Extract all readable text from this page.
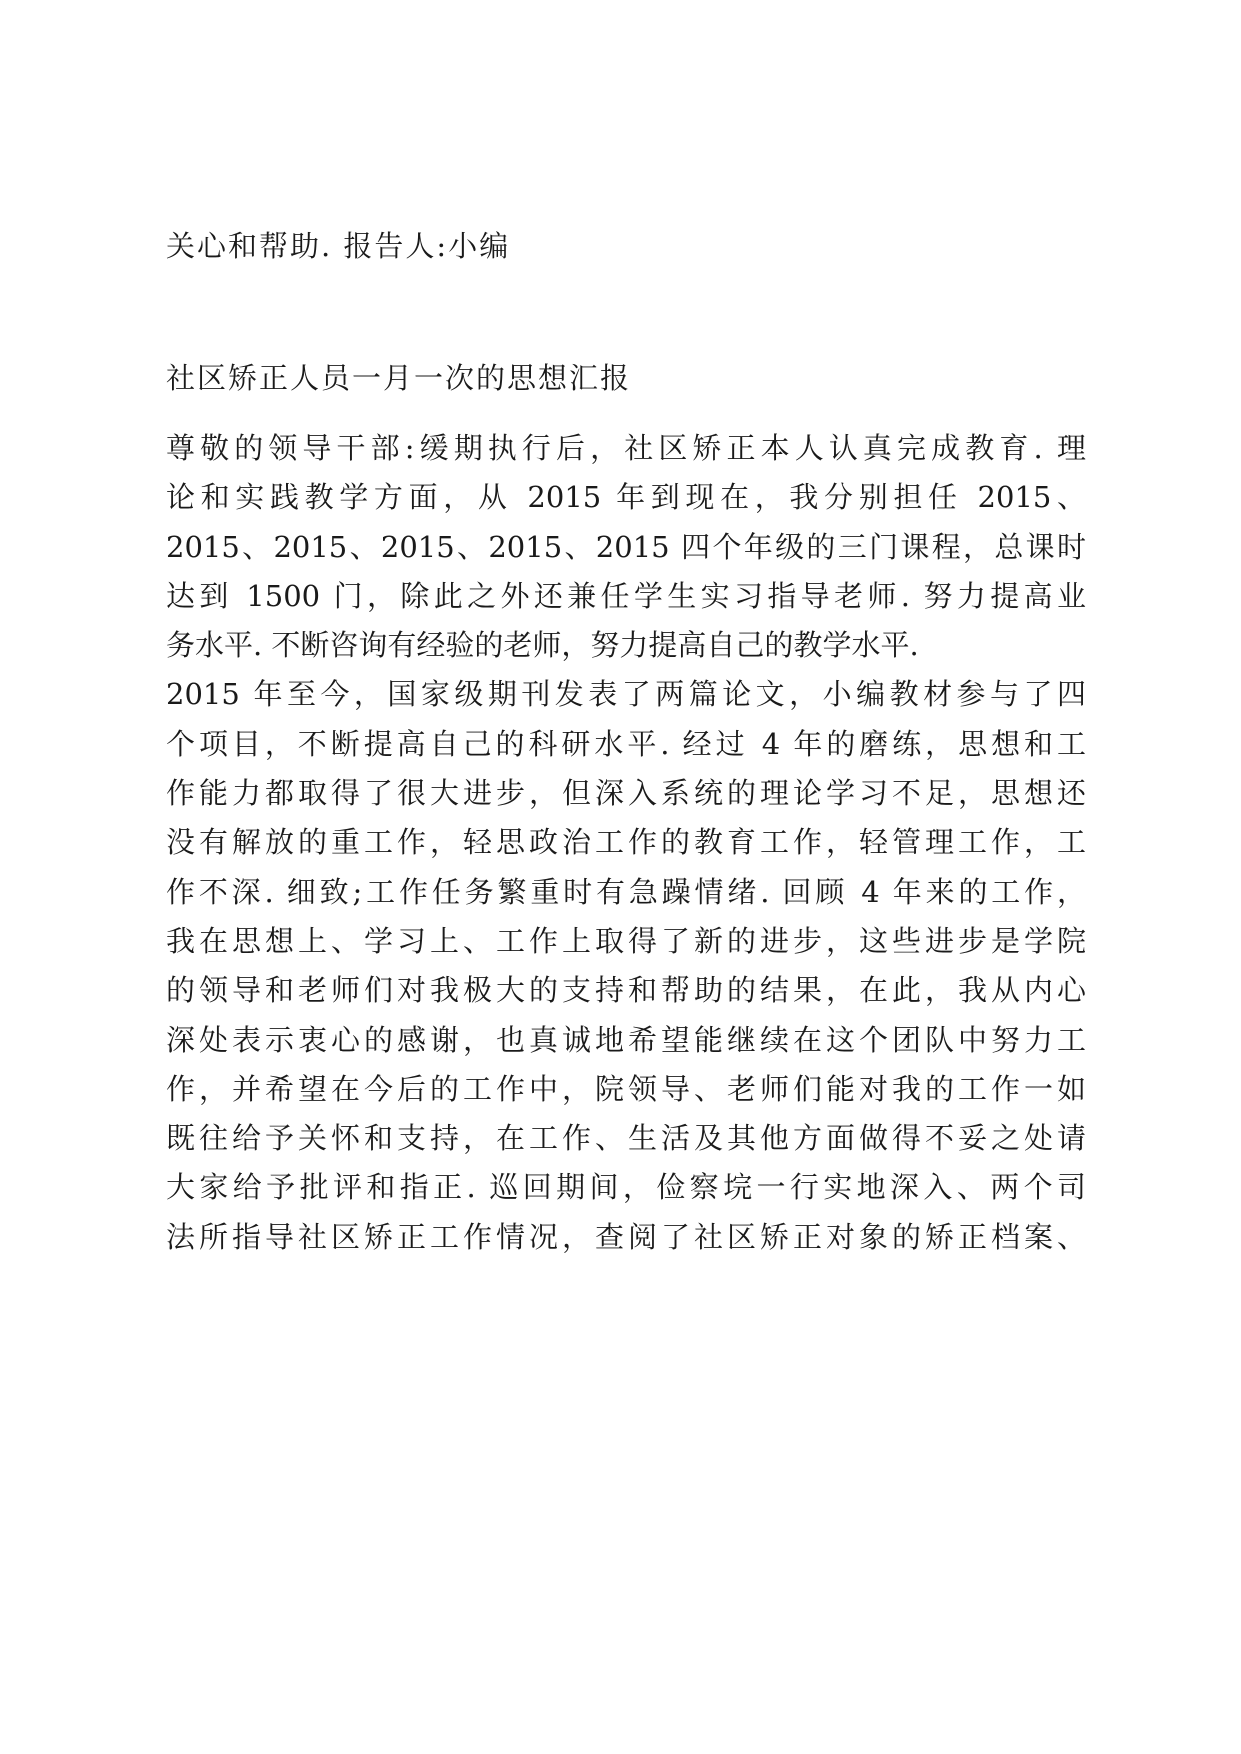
关心和帮助. 报告人:小编
社区矫正人员一月一次的思想汇报
尊敬的领导干部:缓期执行后，社区矫正本人认真完成教育. 理
论和实践教学方面，从 2015 年到现在，我分别担任 2015、
2015、2015、2015、2015、2015 四个年级的三门课程，总课时
达到 1500 门，除此之外还兼任学生实习指导老师. 努力提高业
务水平. 不断咨询有经验的老师，努力提高自己的教学水平.
2015 年至今，国家级期刊发表了两篇论文，小编教材参与了四
个项目，不断提高自己的科研水平. 经过 4 年的磨练，思想和工
作能力都取得了很大进步，但深入系统的理论学习不足，思想还
没有解放的重工作，轻思政治工作的教育工作，轻管理工作，工
作不深. 细致;工作任务繁重时有急躁情绪. 回顾 4 年来的工作，
我在思想上、学习上、工作上取得了新的进步，这些进步是学院
的领导和老师们对我极大的支持和帮助的结果，在此，我从内心
深处表示衷心的感谢，也真诚地希望能继续在这个团队中努力工
作，并希望在今后的工作中，院领导、老师们能对我的工作一如
既往给予关怀和支持，在工作、生活及其他方面做得不妥之处请
大家给予批评和指正. 巡回期间，俭察垸一行实地深入、两个司
法所指导社区矫正工作情况，查阅了社区矫正对象的矫正档案、
